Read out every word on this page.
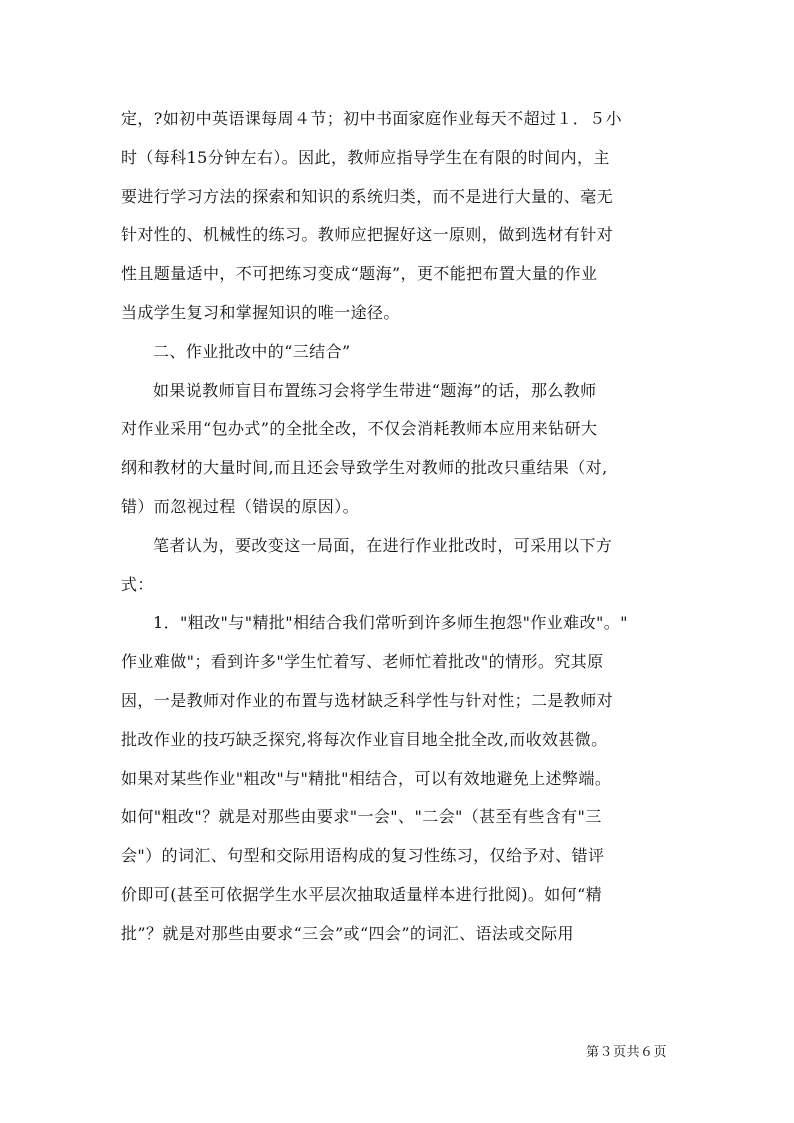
定，?如初中英语课每周４节；初中书面家庭作业每天不超过１．５小
时（每科15分钟左右）。因此，教师应指导学生在有限的时间内，主
要进行学习方法的探索和知识的系统归类，而不是进行大量的、毫无
针对性的、机械性的练习。教师应把握好这一原则，做到选材有针对
性且题量适中，不可把练习变成“题海”，更不能把布置大量的作业
当成学生复习和掌握知识的唯一途径。
二、作业批改中的“三结合”
如果说教师盲目布置练习会将学生带进“题海”的话，那么教师
对作业采用“包办式”的全批全改，不仅会消耗教师本应用来钻研大
纲和教材的大量时间,而且还会导致学生对教师的批改只重结果（对,
错）而忽视过程（错误的原因）。
笔者认为，要改变这一局面，在进行作业批改时，可采用以下方
式：
1．"粗改"与"精批"相结合我们常听到许多师生抱怨"作业难改"。"
作业难做"；看到许多"学生忙着写、老师忙着批改"的情形。究其原
因，一是教师对作业的布置与选材缺乏科学性与针对性；二是教师对
批改作业的技巧缺乏探究,将每次作业盲目地全批全改,而收效甚微。
如果对某些作业"粗改"与"精批"相结合，可以有效地避免上述弊端。
如何"粗改"？就是对那些由要求"一会"、"二会"（甚至有些含有"三
会"）的词汇、句型和交际用语构成的复习性练习，仅给予对、错评
价即可(甚至可依据学生水平层次抽取适量样本进行批阅)。如何“精
批”？就是对那些由要求“三会”或“四会”的词汇、语法或交际用
第３页共６页
